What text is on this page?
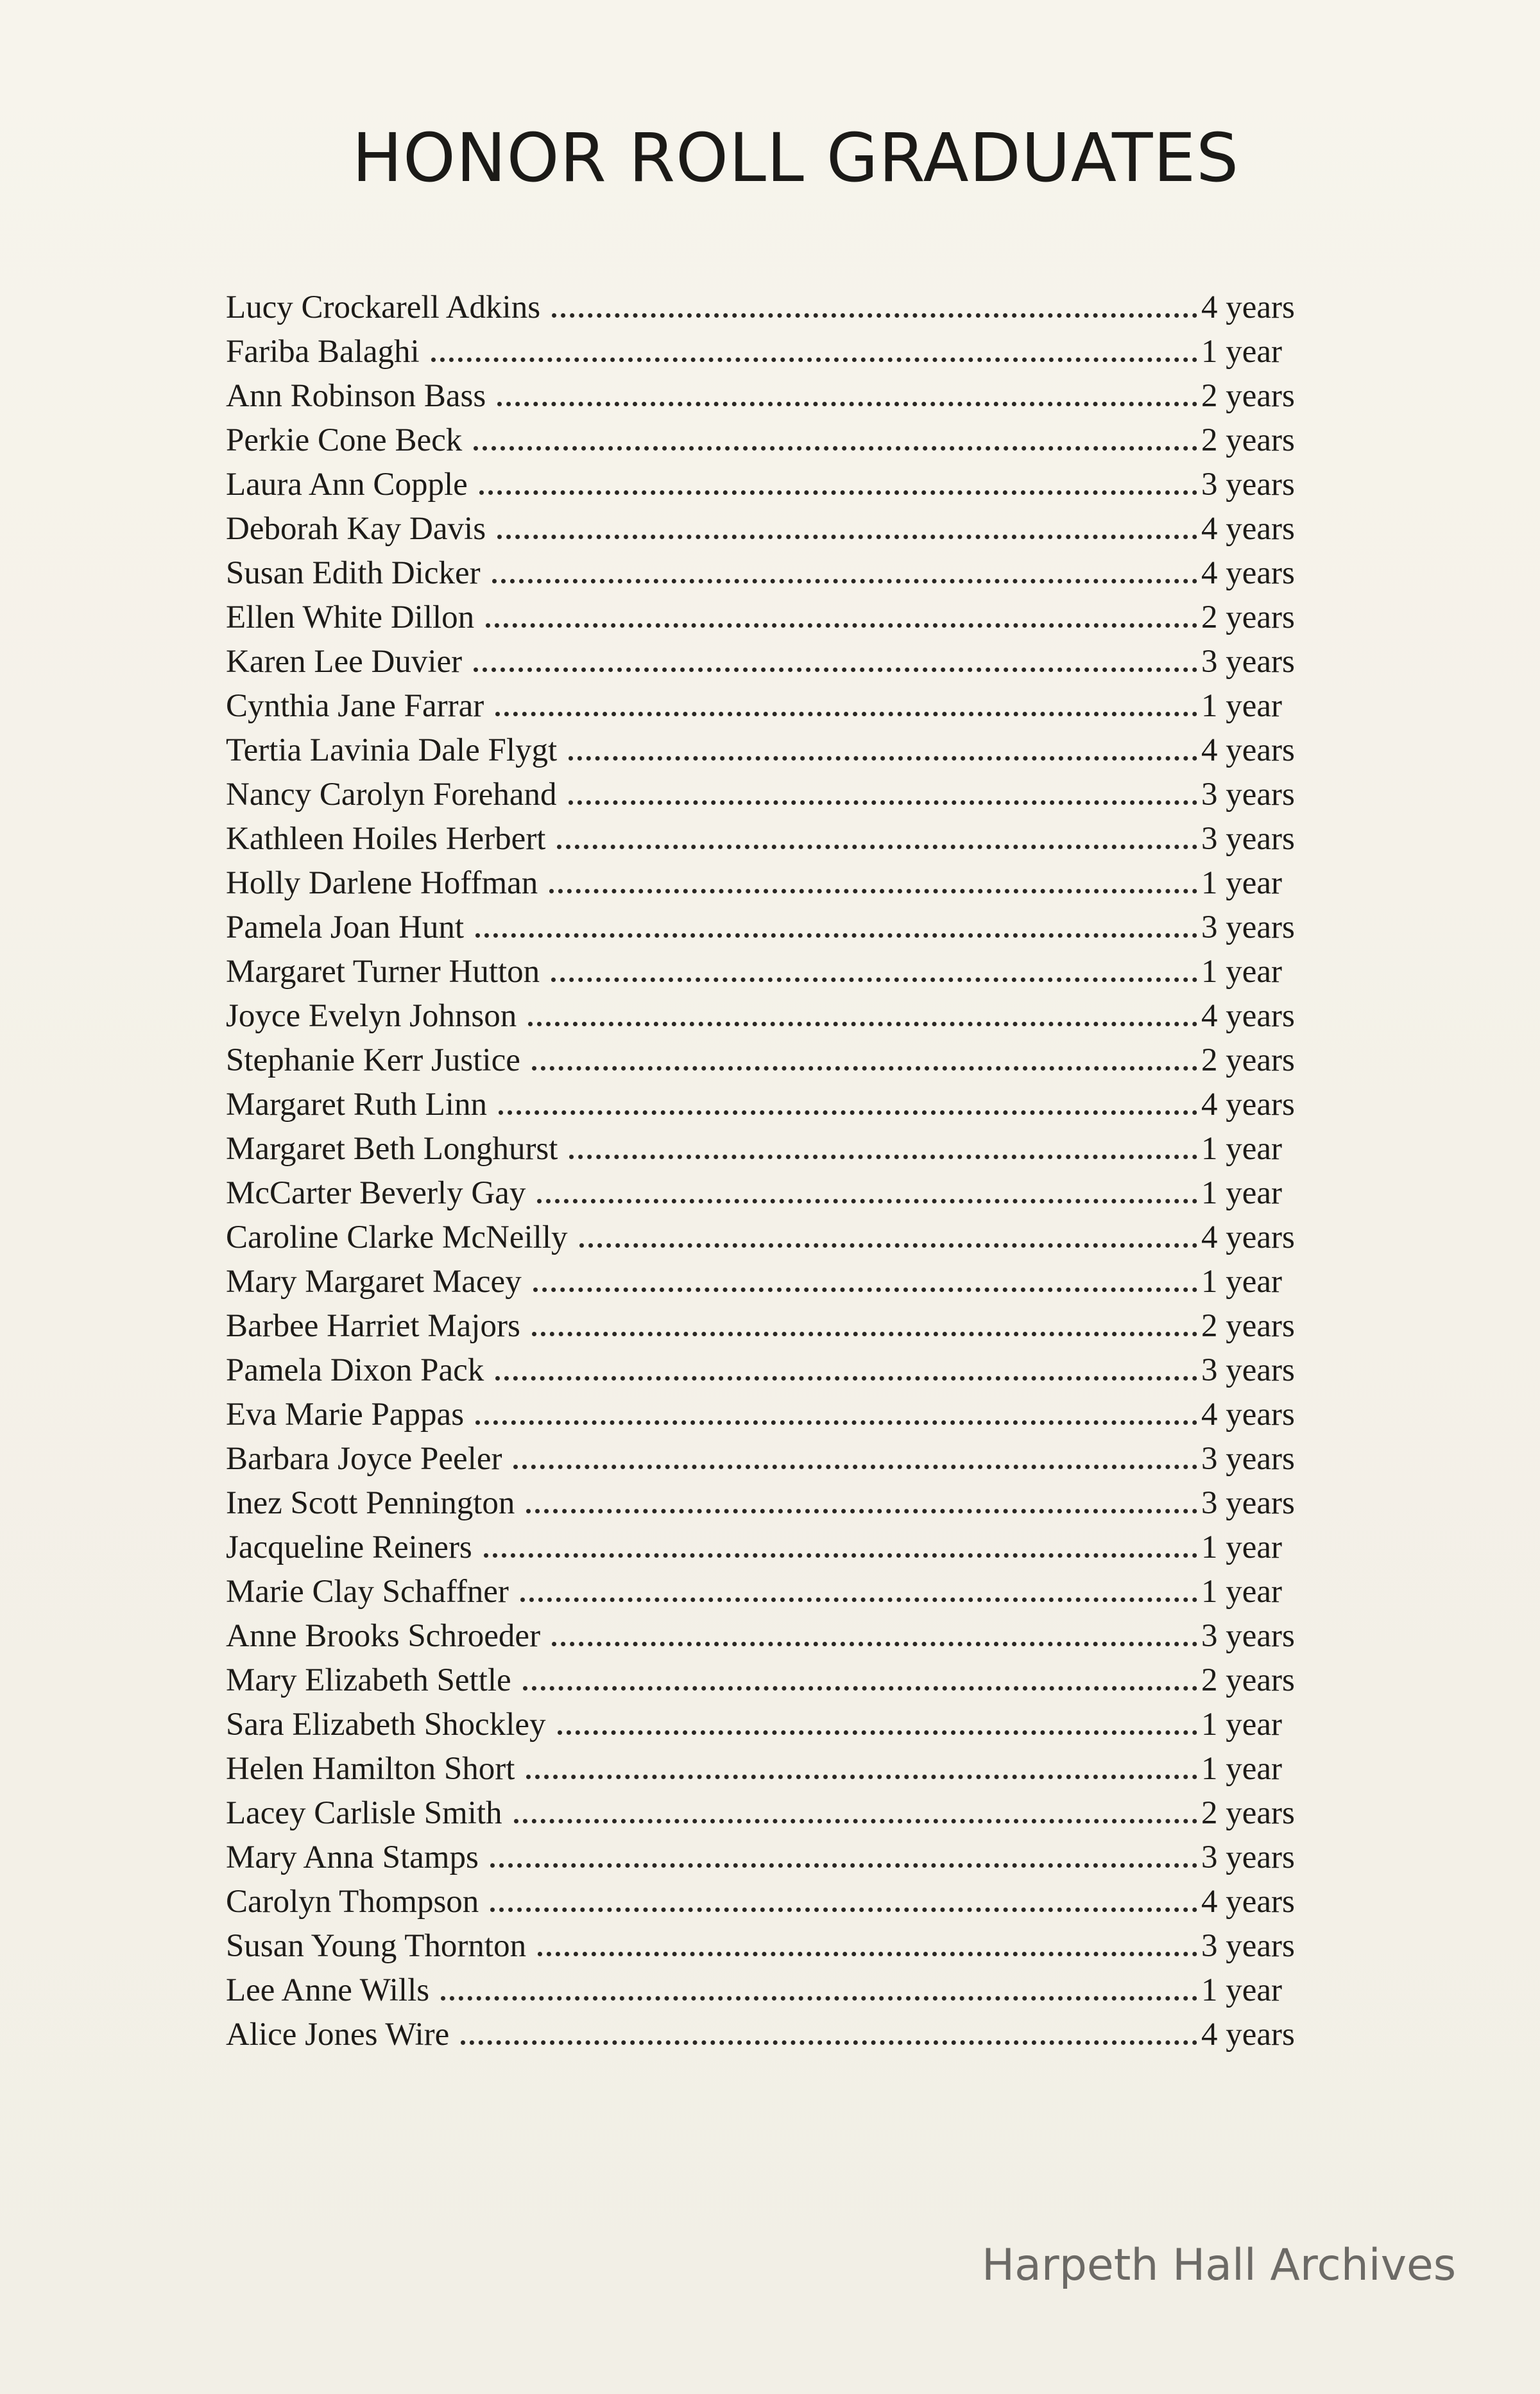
HONOR ROLL GRADUATES
Lucy Crockarell Adkins	4 years
Fariba Balaghi	1 year
Ann Robinson Bass	2 years
Perkie Cone Beck	2 years
Laura Ann Copple	3 years
Deborah Kay Davis	4 years
Susan Edith Dicker	4 years
Ellen White Dillon	2 years
Karen Lee Duvier	3 years
Cynthia Jane Farrar	1 year
Tertia Lavinia Dale Flygt	4 years
Nancy Carolyn Forehand	3 years
Kathleen Hoiles Herbert	3 years
Holly Darlene Hoffman	1 year
Pamela Joan Hunt	3 years
Margaret Turner Hutton	1 year
Joyce Evelyn Johnson	4 years
Stephanie Kerr Justice	2 years
Margaret Ruth Linn	4 years
Margaret Beth Longhurst	1 year
McCarter Beverly Gay	1 year
Caroline Clarke McNeilly	4 years
Mary Margaret Macey	1 year
Barbee Harriet Majors	2 years
Pamela Dixon Pack	3 years
Eva Marie Pappas	4 years
Barbara Joyce Peeler	3 years
Inez Scott Pennington	3 years
Jacqueline Reiners	1 year
Marie Clay Schaffner	1 year
Anne Brooks Schroeder	3 years
Mary Elizabeth Settle	2 years
Sara Elizabeth Shockley	1 year
Helen Hamilton Short	1 year
Lacey Carlisle Smith	2 years
Mary Anna Stamps	3 years
Carolyn Thompson	4 years
Susan Young Thornton	3 years
Lee Anne Wills	1 year
Alice Jones Wire	4 years
Harpeth Hall Archives
